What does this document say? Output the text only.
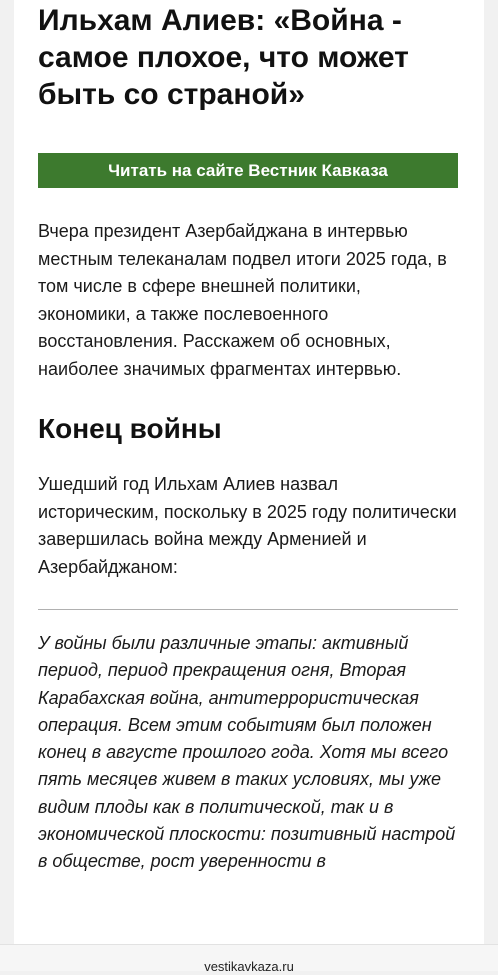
Ильхам Алиев: «Война - самое плохое, что может быть со страной»
Читать на сайте Вестник Кавказа

Вчера президент Азербайджана в интервью местным телеканалам подвел итоги 2025 года, в том числе в сфере внешней политики, экономики, а также послевоенного восстановления. Расскажем об основных, наиболее значимых фрагментах интервью.

Конец войны

Ушедший год Ильхам Алиев назвал историческим, поскольку в 2025 году политически завершилась война между Арменией и Азербайджаном:

У войны были различные этапы: активный период, период прекращения огня, Вторая Карабахская война, антитеррористическая операция. Всем этим событиям был положен конец в августе прошлого года. Хотя мы всего пять месяцев живем в таких условиях, мы уже видим плоды как в политической, так и в экономической плоскости: позитивный настрой в обществе, рост уверенности в

vestikavkaza.ru
